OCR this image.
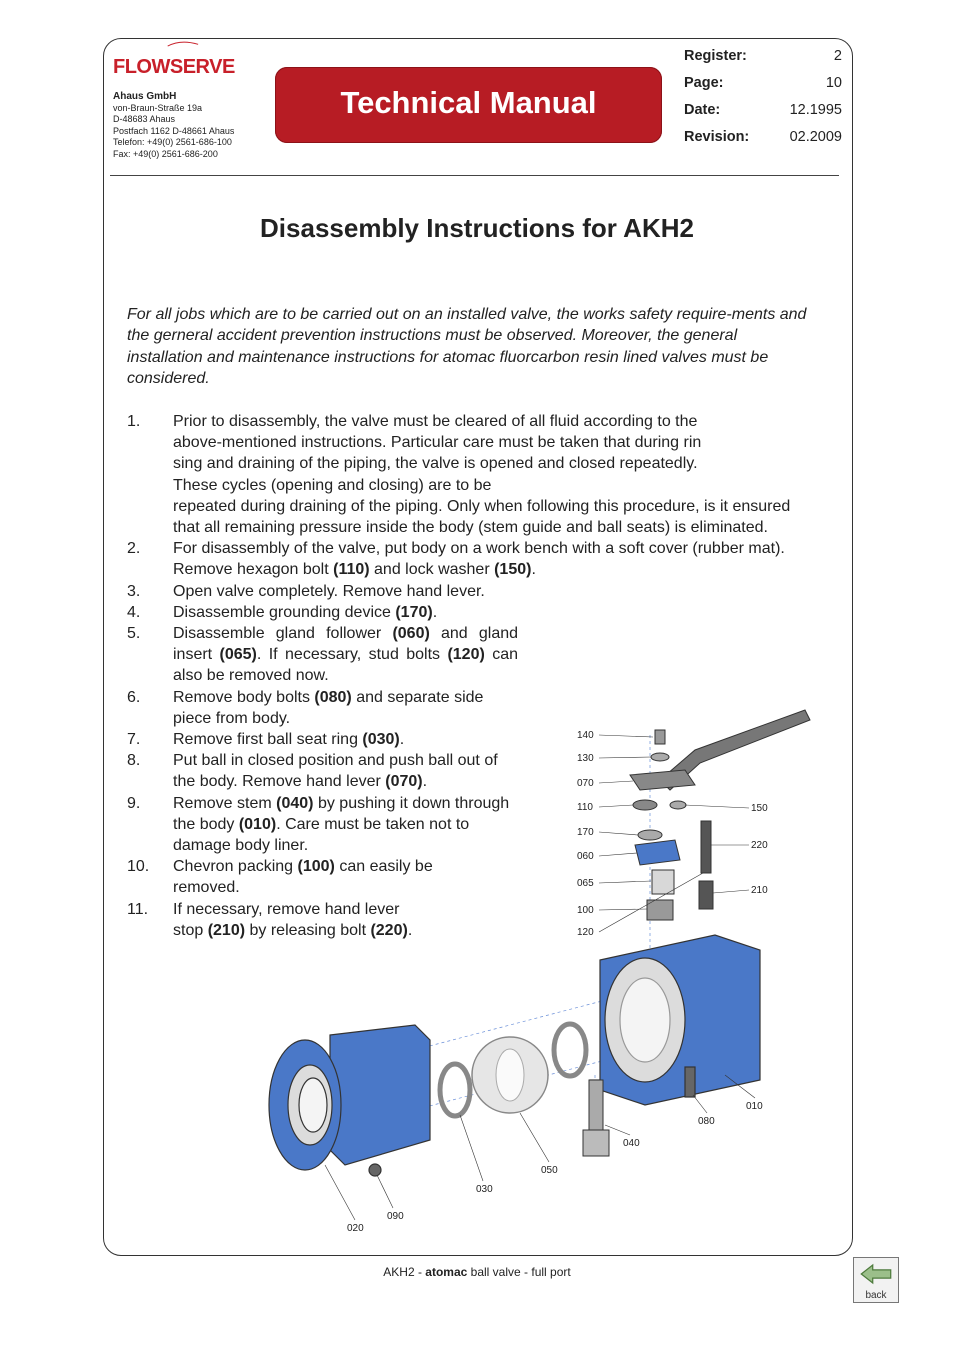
FLOWSERVE
Ahaus GmbH
von-Braun-Straße 19a
D-48683 Ahaus
Postfach 1162 D-48661 Ahaus
Telefon: +49(0) 2561-686-100
Fax: +49(0) 2561-686-200
Technical Manual
Register:	2
Page:	10
Date:	12.1995
Revision:	02.2009
Disassembly Instructions for AKH2
For all jobs which are to be carried out on an installed valve, the works safety require-ments and the gerneral accident prevention instructions must be observed. Moreover, the general installation and maintenance instructions for atomac fluorcarbon resin lined valves must be considered.
1. Prior to disassembly, the valve must be cleared of all fluid according to the
above-mentioned instructions. Particular care must be taken that during rin
sing and draining of the piping, the valve is opened and closed repeatedly.
These cycles (opening and closing) are to be
repeated during draining of the piping. Only when following this procedure, is it ensured
that all remaining pressure inside the body (stem guide and ball seats) is eliminated.
2. For disassembly of the valve, put body on a work bench with a soft cover (rubber mat).
Remove hexagon bolt (110) and lock washer (150).
3. Open valve completely. Remove hand lever.
4. Disassemble grounding device (170).
5. Disassemble gland follower (060) and gland insert (065). If necessary, stud bolts (120) can also be removed now.
6. Remove body bolts (080) and separate side piece from body.
7. Remove first ball seat ring (030).
8. Put ball in closed position and push ball out of the body. Remove hand lever (070).
9. Remove stem (040) by pushing it down through the body (010). Care must be taken not to damage body liner.
10. Chevron packing (100) can easily be removed.
11. If necessary, remove hand lever stop (210) by releasing bolt (220).
140
130
070
110	150
170
060
220
065
210
100
120
010
080
040
050
030
090
020
AKH2 - atomac ball valve - full port
back
